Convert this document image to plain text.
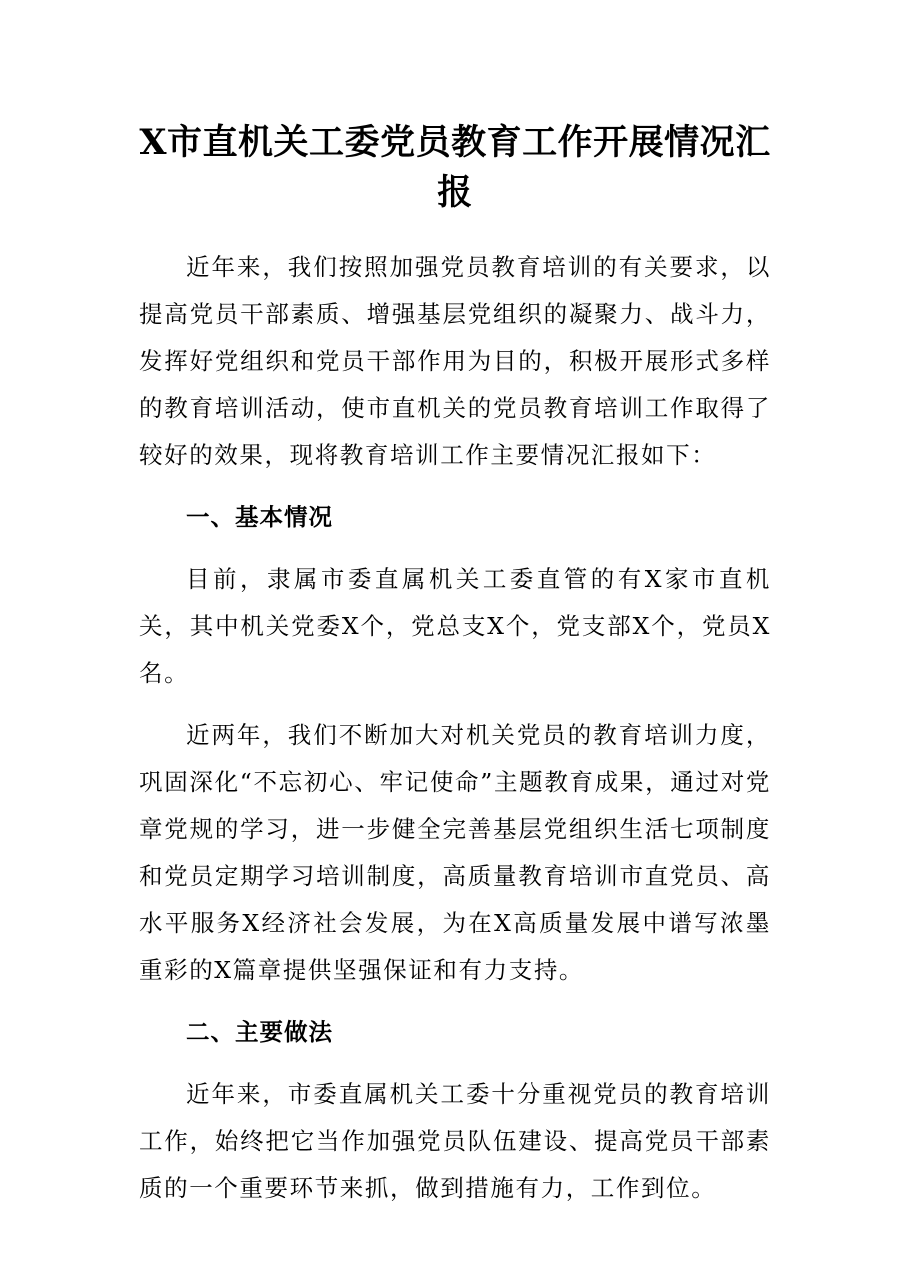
X市直机关工委党员教育工作开展情况汇报

近年来，我们按照加强党员教育培训的有关要求，以提高党员干部素质、增强基层党组织的凝聚力、战斗力，发挥好党组织和党员干部作用为目的，积极开展形式多样的教育培训活动，使市直机关的党员教育培训工作取得了较好的效果，现将教育培训工作主要情况汇报如下：

一、基本情况

目前，隶属市委直属机关工委直管的有X家市直机关，其中机关党委X个，党总支X个，党支部X个，党员X名。

近两年，我们不断加大对机关党员的教育培训力度，巩固深化“不忘初心、牢记使命”主题教育成果，通过对党章党规的学习，进一步健全完善基层党组织生活七项制度和党员定期学习培训制度，高质量教育培训市直党员、高水平服务X经济社会发展，为在X高质量发展中谱写浓墨重彩的X篇章提供坚强保证和有力支持。

二、主要做法

近年来，市委直属机关工委十分重视党员的教育培训工作，始终把它当作加强党员队伍建设、提高党员干部素质的一个重要环节来抓，做到措施有力，工作到位。
